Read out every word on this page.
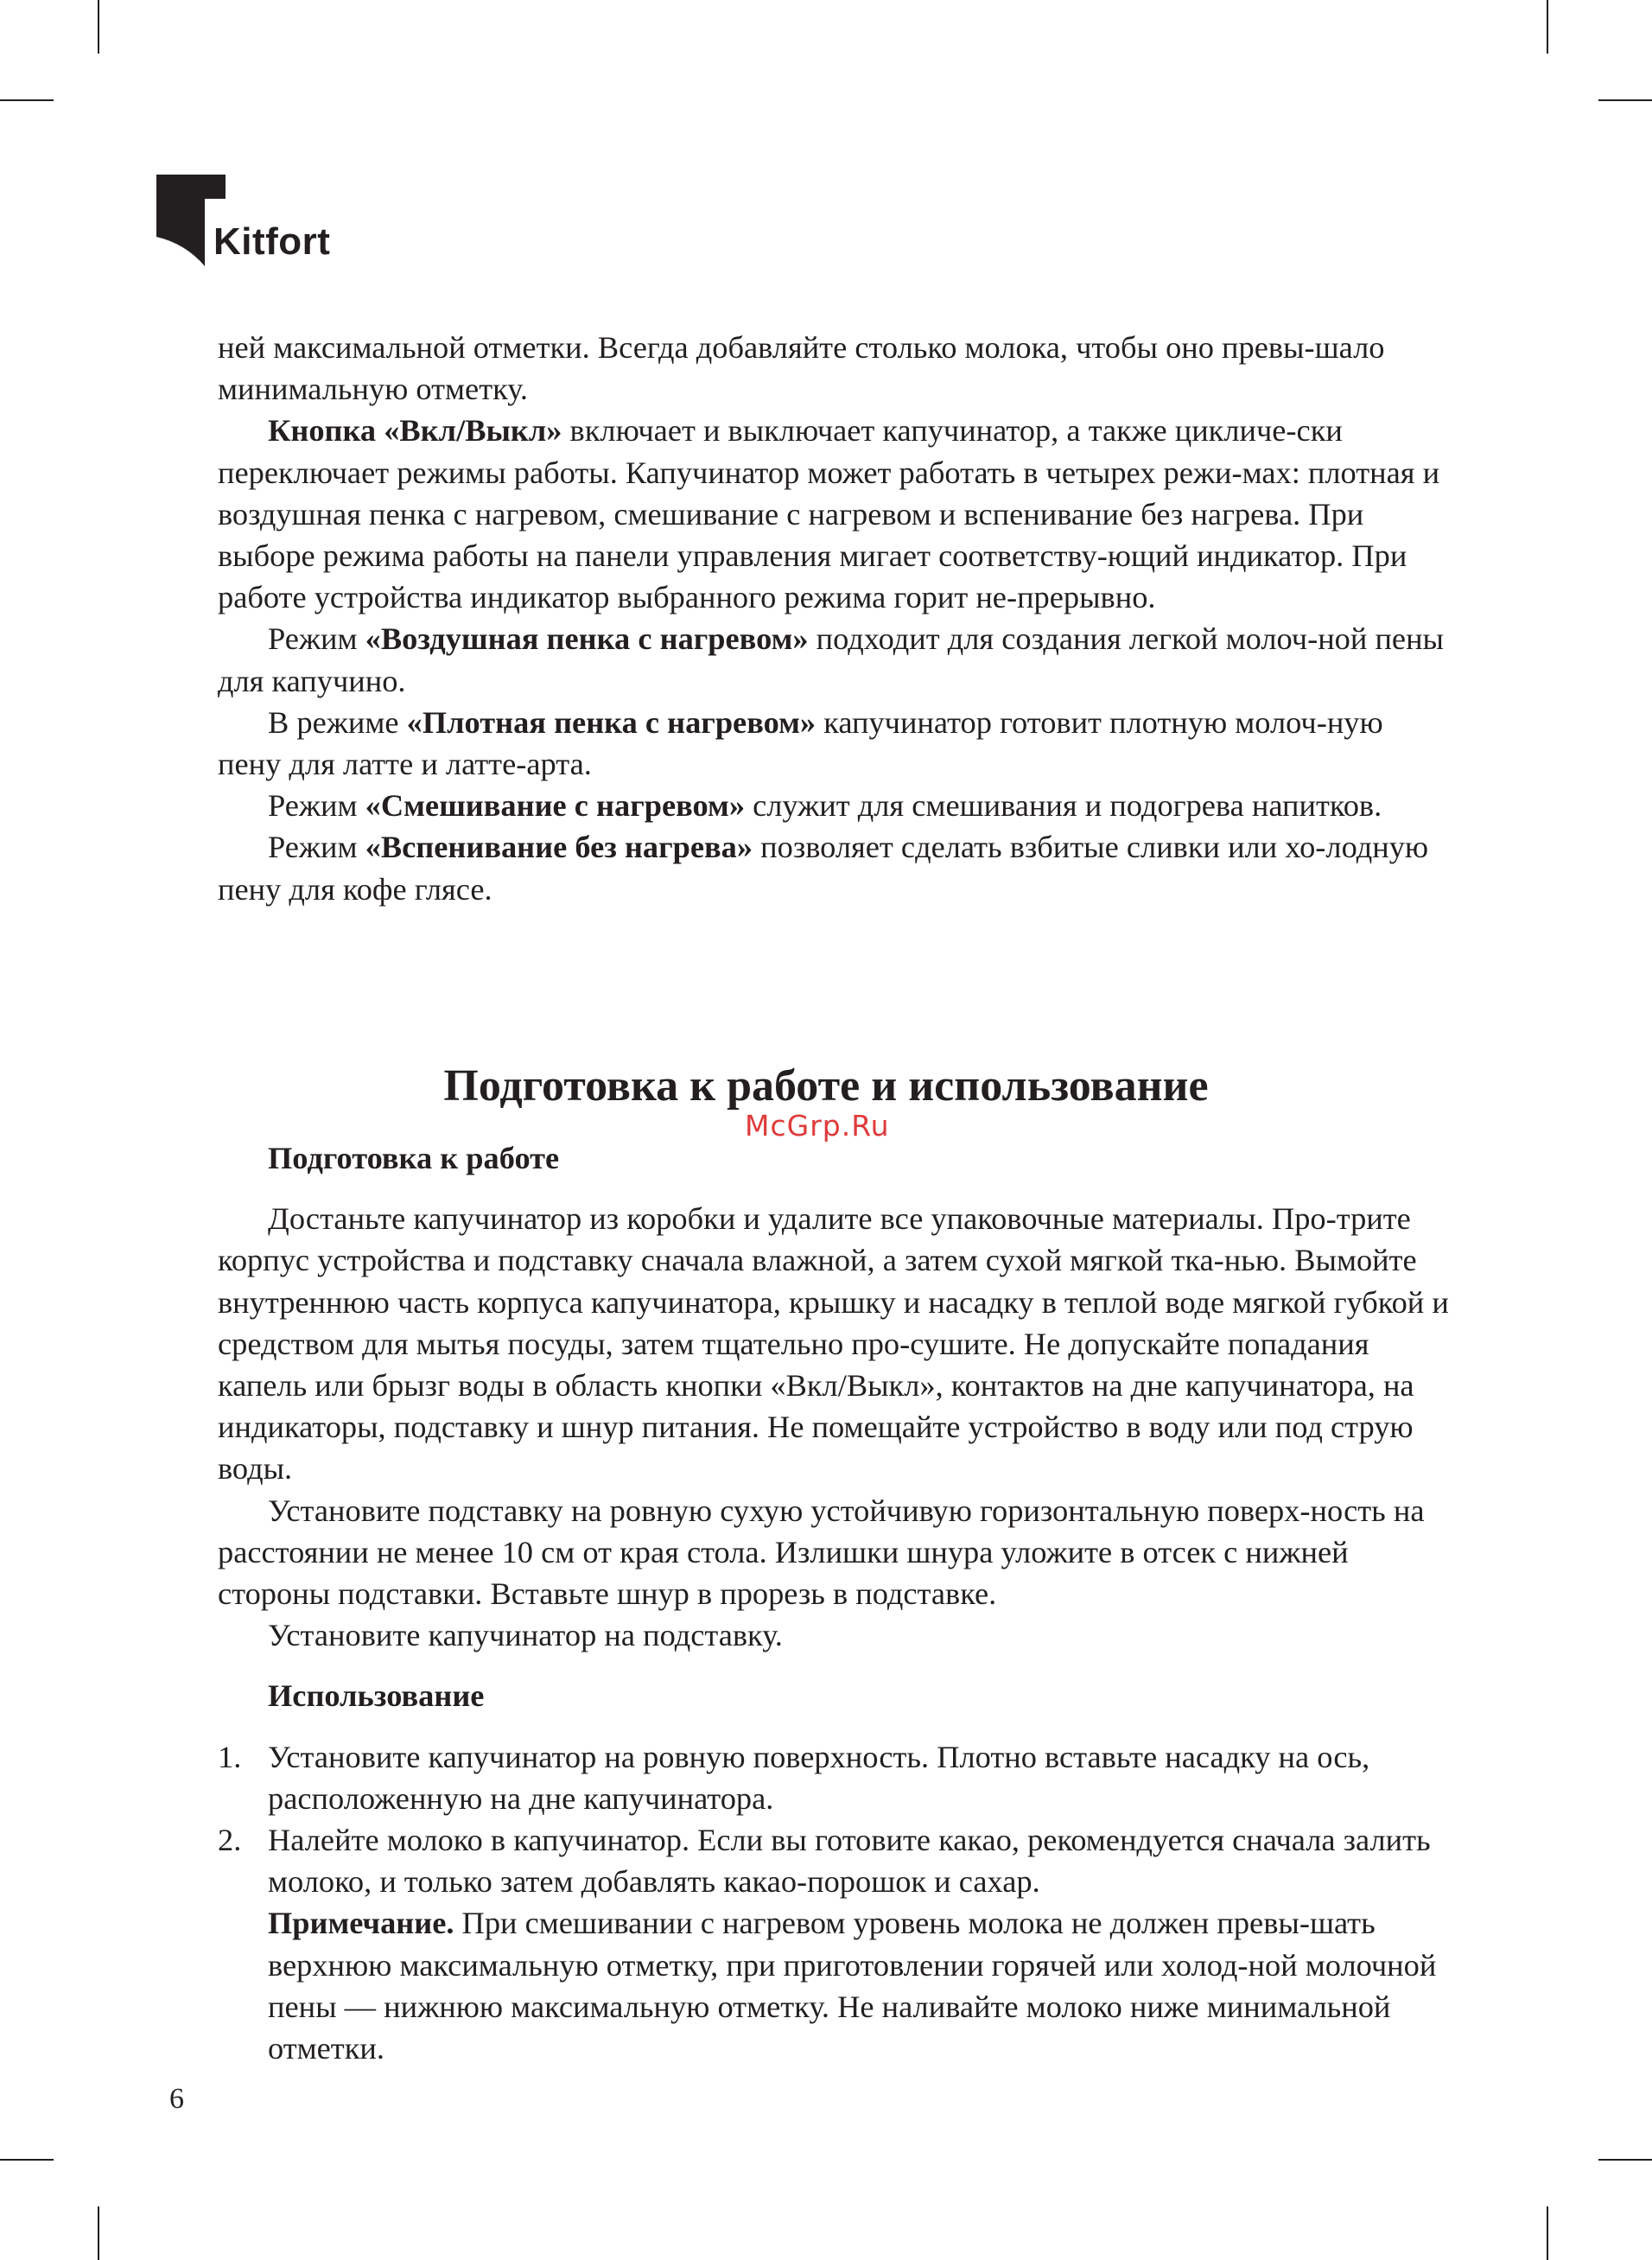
Kitfort

ней максимальной отметки. Всегда добавляйте столько молока, чтобы оно превы-шало минимальную отметку.

Кнопка «Вкл/Выкл» включает и выключает капучинатор, а также цикличе-ски переключает режимы работы. Капучинатор может работать в четырех режи-мах: плотная и воздушная пенка с нагревом, смешивание с нагревом и вспенивание без нагрева. При выборе режима работы на панели управления мигает соответству-ющий индикатор. При работе устройства индикатор выбранного режима горит не-прерывно.

Режим «Воздушная пенка с нагревом» подходит для создания легкой молоч-ной пены для капучино.

В режиме «Плотная пенка с нагревом» капучинатор готовит плотную молоч-ную пену для латте и латте-арта.

Режим «Смешивание с нагревом» служит для смешивания и подогрева напитков.

Режим «Вспенивание без нагрева» позволяет сделать взбитые сливки или хо-лодную пену для кофе глясе.

Подготовка к работе и использование
McGrp.Ru
Подготовка к работе

Достаньте капучинатор из коробки и удалите все упаковочные материалы. Про-трите корпус устройства и подставку сначала влажной, а затем сухой мягкой тка-нью. Вымойте внутреннюю часть корпуса капучинатора, крышку и насадку в теплой воде мягкой губкой и средством для мытья посуды, затем тщательно про-сушите. Не допускайте попадания капель или брызг воды в область кнопки «Вкл/Выкл», контактов на дне капучинатора, на индикаторы, подставку и шнур питания. Не помещайте устройство в воду или под струю воды.

Установите подставку на ровную сухую устойчивую горизонтальную поверх-ность на расстоянии не менее 10 см от края стола. Излишки шнура уложите в отсек с нижней стороны подставки. Вставьте шнур в прорезь в подставке.

Установите капучинатор на подставку.

Использование
1. Установите капучинатор на ровную поверхность. Плотно вставьте насадку на ось, расположенную на дне капучинатора.
2. Налейте молоко в капучинатор. Если вы готовите какао, рекомендуется сначала залить молоко, и только затем добавлять какао-порошок и сахар.
Примечание. При смешивании с нагревом уровень молока не должен превы-шать верхнюю максимальную отметку, при приготовлении горячей или холод-ной молочной пены — нижнюю максимальную отметку. Не наливайте молоко ниже минимальной отметки.
6
